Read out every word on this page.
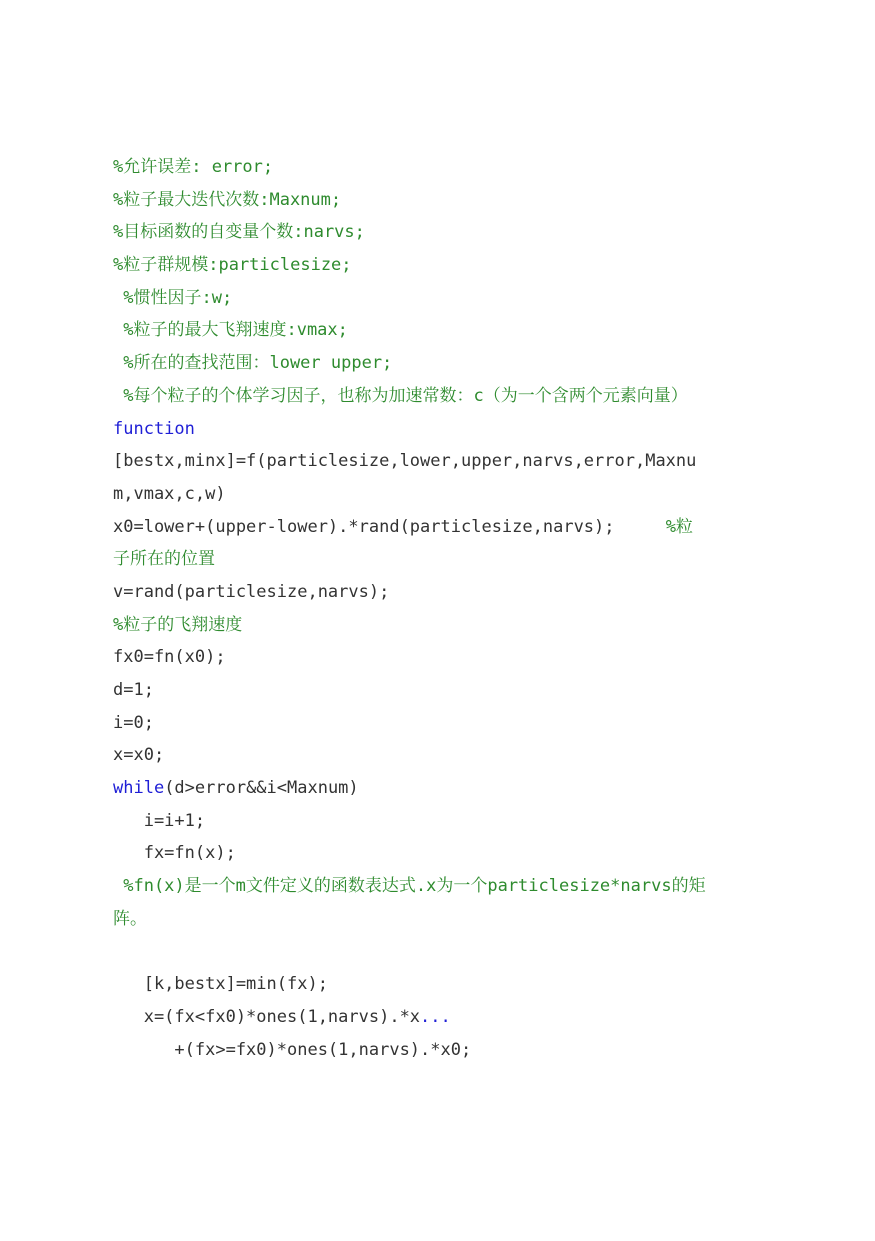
%允许误差: error;
%粒子最大迭代次数:Maxnum;
%目标函数的自变量个数:narvs;
%粒子群规模:particlesize;
%惯性因子:w;
%粒子的最大飞翔速度:vmax;
%所在的查找范围：lower upper;
%每个粒子的个体学习因子，也称为加速常数：c（为一个含两个元素向量）
function
[bestx,minx]=f(particlesize,lower,upper,narvs,error,Maxnu
m,vmax,c,w)
x0=lower+(upper-lower).*rand(particlesize,narvs);     %粒
子所在的位置
v=rand(particlesize,narvs);
%粒子的飞翔速度
fx0=fn(x0);
d=1;
i=0;
x=x0;
while(d>error&&i<Maxnum)
i=i+1;
fx=fn(x);
%fn(x)是一个m文件定义的函数表达式.x为一个particlesize*narvs的矩
阵。
[k,bestx]=min(fx);
x=(fx<fx0)*ones(1,narvs).*x...
+(fx>=fx0)*ones(1,narvs).*x0;
